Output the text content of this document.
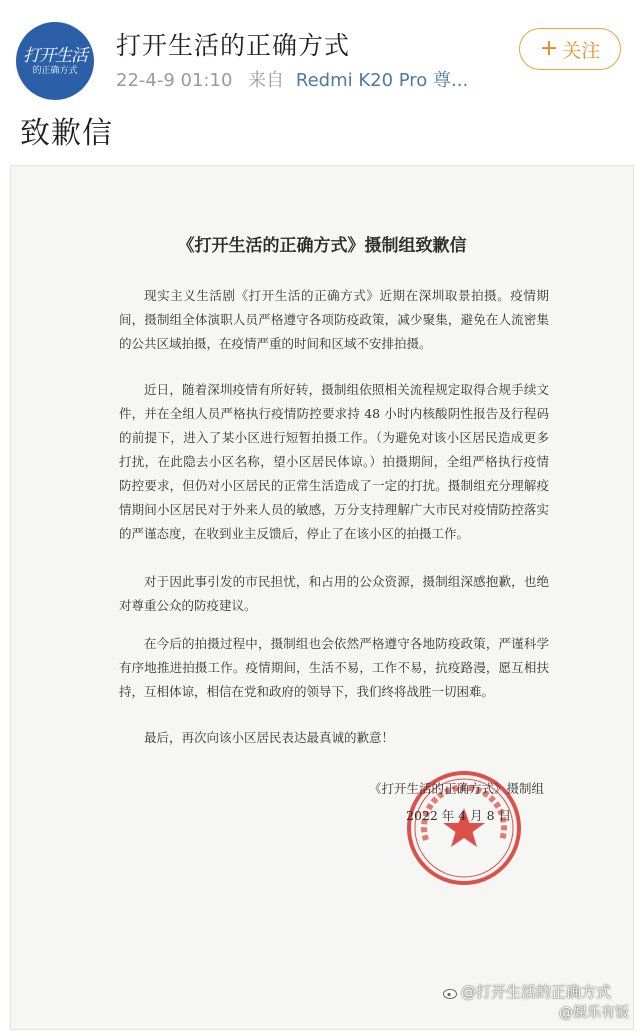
打开生活
的正确方式
打开生活的正确方式
22-4-9 01:10 来自 Redmi K20 Pro 尊...
+ 关注
致歉信
《打开生活的正确方式》摄制组致歉信

现实主义生活剧《打开生活的正确方式》近期在深圳取景拍摄。疫情期间，摄制组全体演职人员严格遵守各项防疫政策，减少聚集，避免在人流密集的公共区域拍摄，在疫情严重的时间和区域不安排拍摄。

近日，随着深圳疫情有所好转，摄制组依照相关流程规定取得合规手续文件，并在全组人员严格执行疫情防控要求持 48 小时内核酸阴性报告及行程码的前提下，进入了某小区进行短暂拍摄工作。（为避免对该小区居民造成更多打扰，在此隐去小区名称，望小区居民体谅。）拍摄期间，全组严格执行疫情防控要求，但仍对小区居民的正常生活造成了一定的打扰。摄制组充分理解疫情期间小区居民对于外来人员的敏感，万分支持理解广大市民对疫情防控落实的严谨态度，在收到业主反馈后，停止了在该小区的拍摄工作。

对于因此事引发的市民担忧，和占用的公众资源，摄制组深感抱歉，也绝对尊重公众的防疫建议。

在今后的拍摄过程中，摄制组也会依然严格遵守各地防疫政策，严谨科学有序地推进拍摄工作。疫情期间，生活不易，工作不易，抗疫路漫，愿互相扶持，互相体谅，相信在党和政府的领导下，我们终将战胜一切困难。

最后，再次向该小区居民表达最真诚的歉意！

《打开生活的正确方式》摄制组
2022 年 4 月 8 日
@打开生活的正确方式
@娱乐有饭
